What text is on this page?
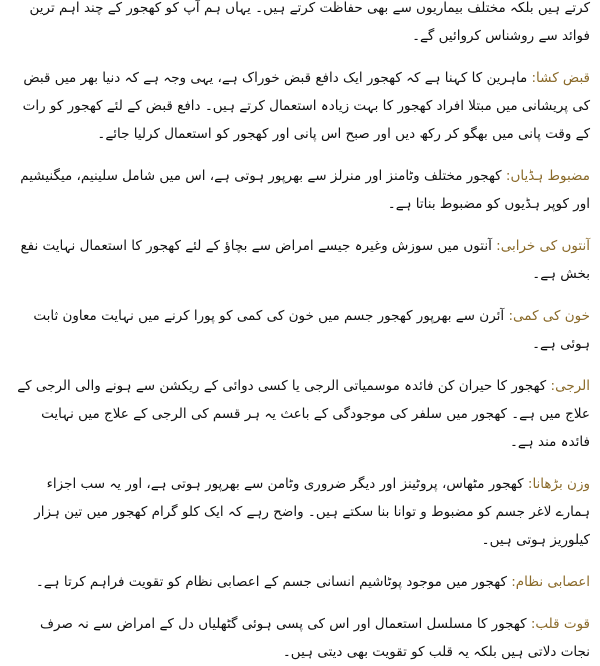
کرتے ہیں بلکہ مختلف بیماریوں سے بھی حفاظت کرتے ہیں۔ یہاں ہم آپ کو کھجور کے چند اہم ترین فوائد سے روشناس کروائیں گے۔

قبض کشا: ماہرین کا کہنا ہے کہ کھجور ایک دافع قبض خوراک ہے، یہی وجہ ہے کہ دنیا بھر میں قبض کی پریشانی میں مبتلا افراد کھجور کا بہت زیادہ استعمال کرتے ہیں۔ دافع قبض کے لئے کھجور کو رات کے وقت پانی میں بھگو کر رکھ دیں اور صبح اس پانی اور کھجور کو استعمال کرلیا جائے۔

مضبوط ہڈیاں: کھجور مختلف وٹامنز اور منرلز سے بھرپور ہوتی ہے، اس میں شامل سلینیم، میگنیشیم اور کوپر ہڈیوں کو مضبوط بناتا ہے۔

آنتوں کی خرابی: آنتوں میں سوزش وغیرہ جیسے امراض سے بچاؤ کے لئے کھجور کا استعمال نہایت نفع بخش ہے۔

خون کی کمی: آئرن سے بھرپور کھجور جسم میں خون کی کمی کو پورا کرنے میں نہایت معاون ثابت ہوئی ہے۔

الرجی: کھجور کا حیران کن فائدہ موسمیاتی الرجی یا کسی دوائی کے ریکشن سے ہونے والی الرجی کے علاج میں ہے۔ کھجور میں سلفر کی موجودگی کے باعث یہ ہر قسم کی الرجی کے علاج میں نہایت فائدہ مند ہے۔

وزن بڑھانا: کھجور مٹھاس، پروٹینز اور دیگر ضروری وٹامن سے بھرپور ہوتی ہے، اور یہ سب اجزاء ہمارے لاغر جسم کو مضبوط و توانا بنا سکتے ہیں۔ واضح رہے کہ ایک کلو گرام کھجور میں تین ہزار کیلوریز ہوتی ہیں۔

اعصابی نظام: کھجور میں موجود پوٹاشیم انسانی جسم کے اعصابی نظام کو تقویت فراہم کرتا ہے۔

قوت قلب: کھجور کا مسلسل استعمال اور اس کی پسی ہوئی گٹھلیاں دل کے امراض سے نہ صرف نجات دلاتی ہیں بلکہ یہ قلب کو تقویت بھی دیتی ہیں۔
